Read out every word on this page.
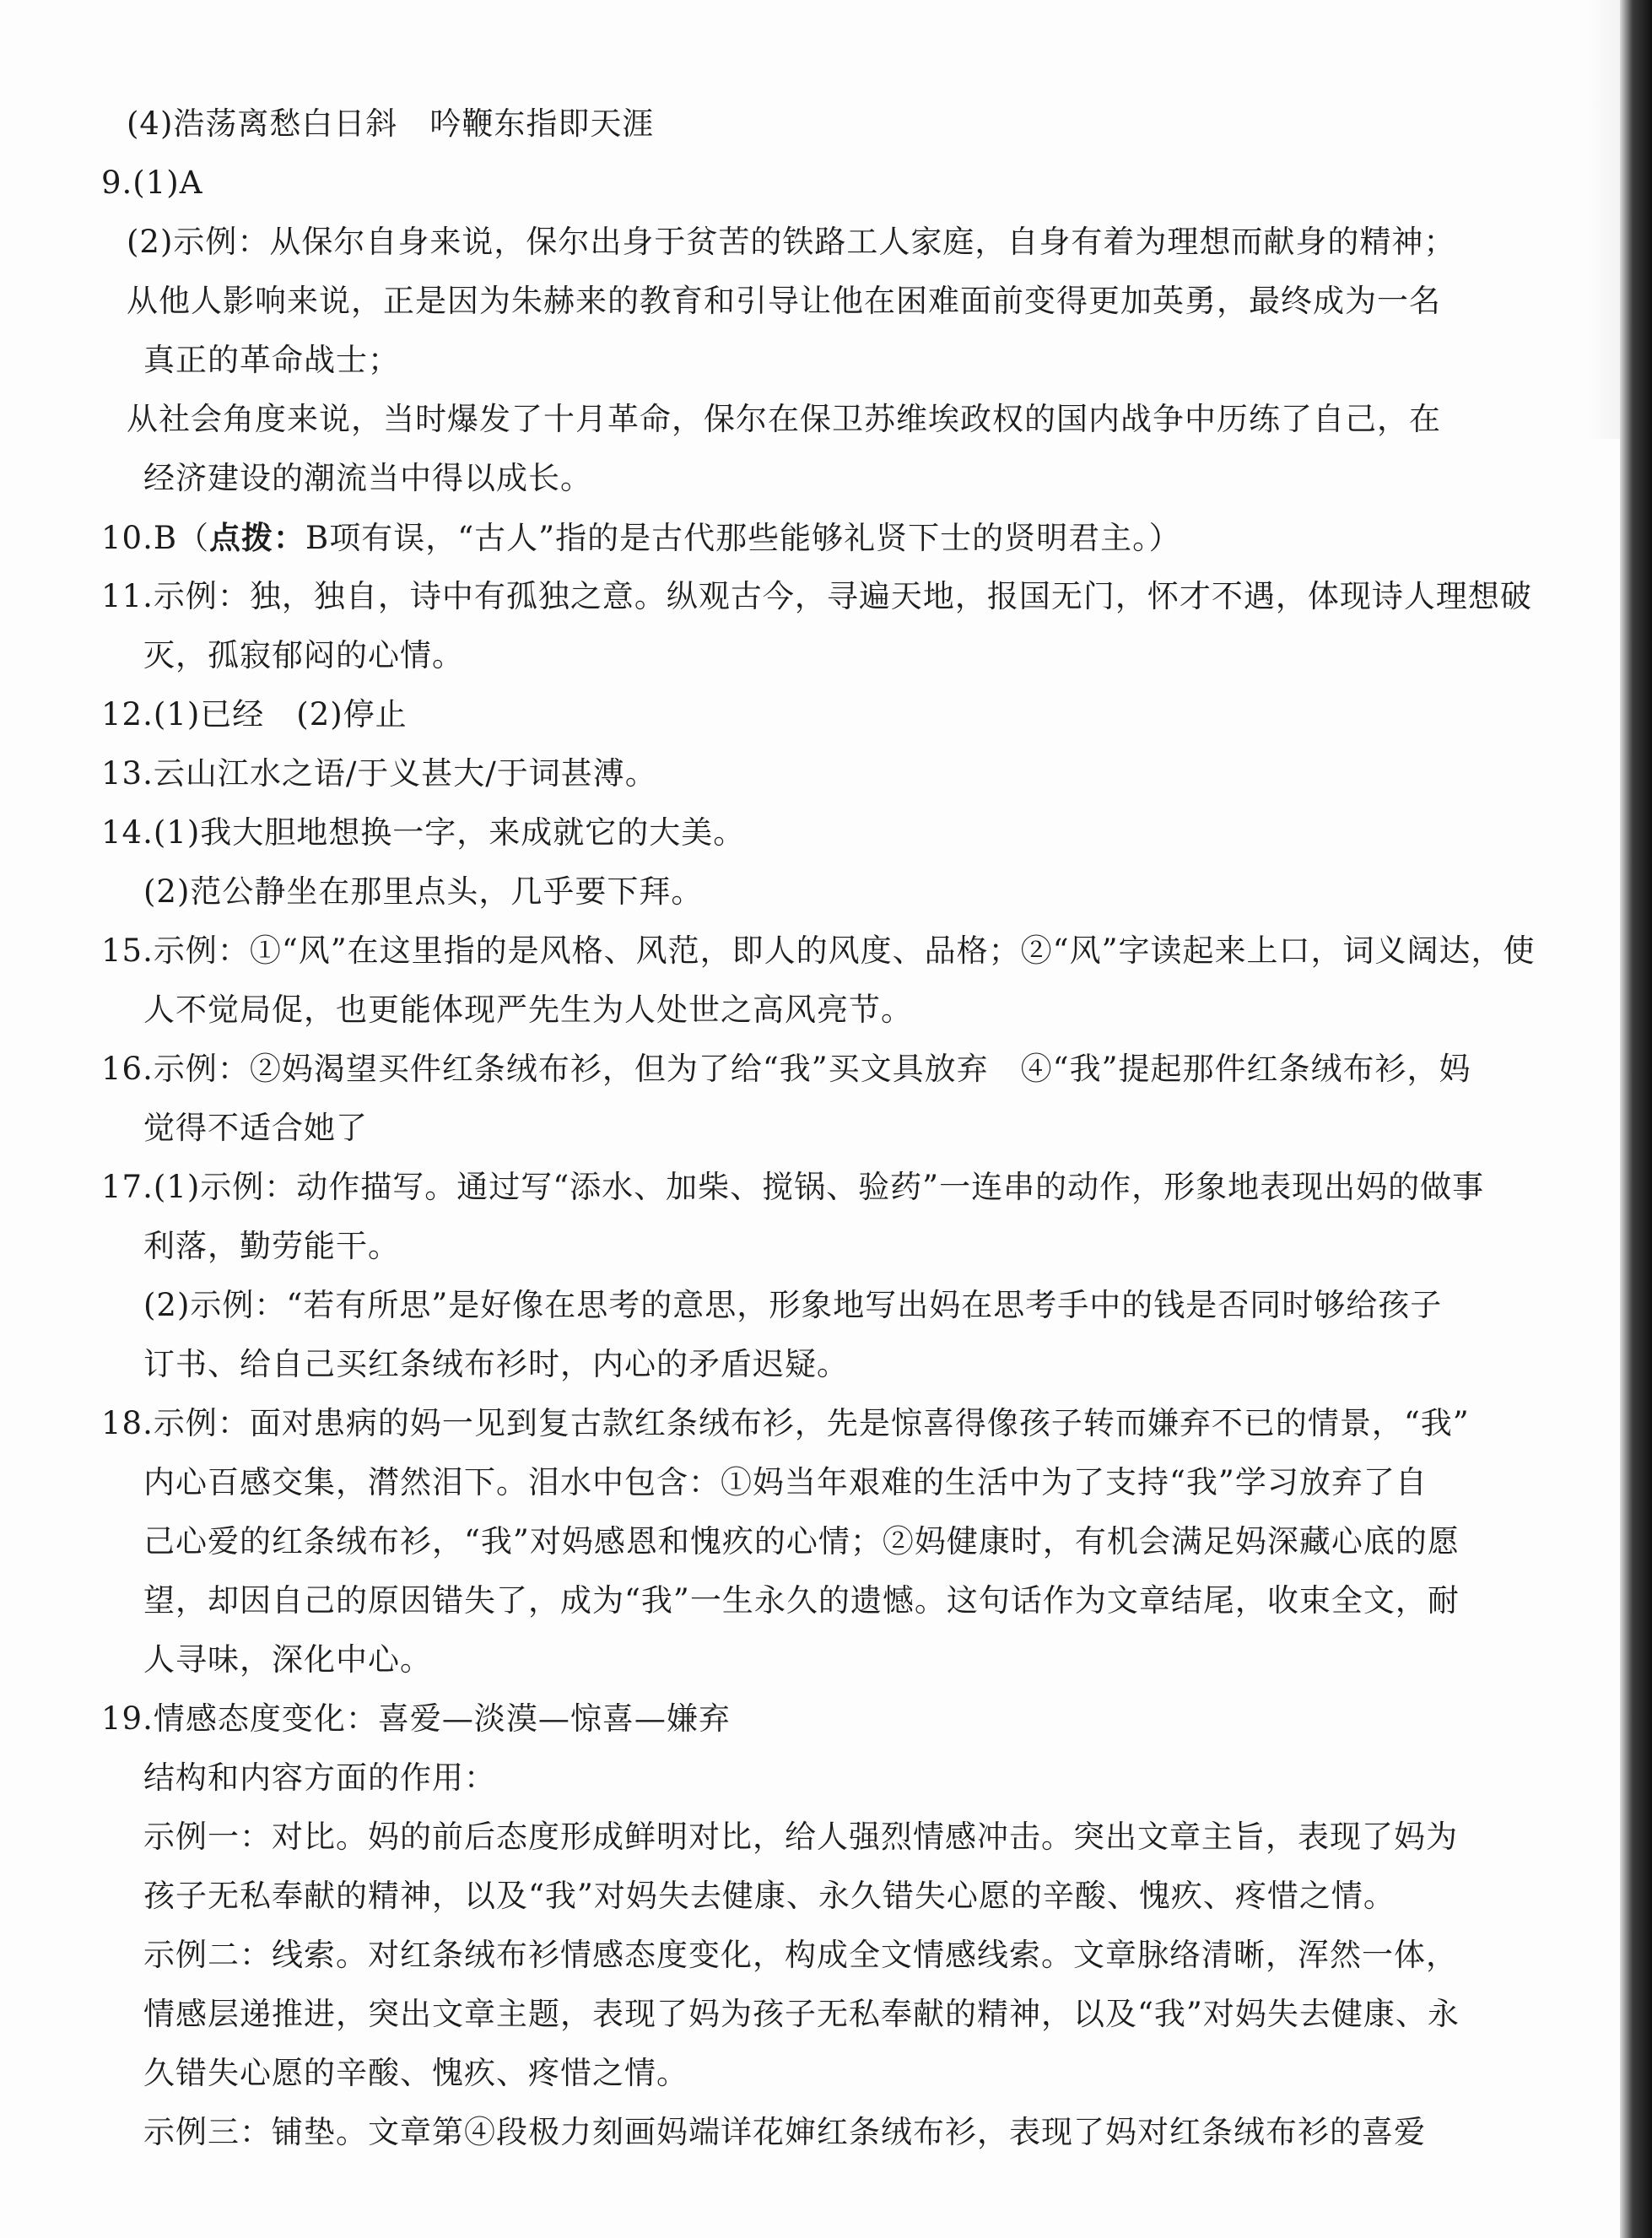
(4)浩荡离愁白日斜　吟鞭东指即天涯
9.(1)A
(2)示例：从保尔自身来说，保尔出身于贫苦的铁路工人家庭，自身有着为理想而献身的精神；
从他人影响来说，正是因为朱赫来的教育和引导让他在困难面前变得更加英勇，最终成为一名
真正的革命战士；
从社会角度来说，当时爆发了十月革命，保尔在保卫苏维埃政权的国内战争中历练了自己，在
经济建设的潮流当中得以成长。
10.B（点拨：B项有误，“古人”指的是古代那些能够礼贤下士的贤明君主。）
11.示例：独，独自，诗中有孤独之意。纵观古今，寻遍天地，报国无门，怀才不遇，体现诗人理想破
灭，孤寂郁闷的心情。
12.(1)已经　(2)停止
13.云山江水之语/于义甚大/于词甚溥。
14.(1)我大胆地想换一字，来成就它的大美。
(2)范公静坐在那里点头，几乎要下拜。
15.示例：①“风”在这里指的是风格、风范，即人的风度、品格；②“风”字读起来上口，词义阔达，使
人不觉局促，也更能体现严先生为人处世之高风亮节。
16.示例：②妈渴望买件红条绒布衫，但为了给“我”买文具放弃　④“我”提起那件红条绒布衫，妈
觉得不适合她了
17.(1)示例：动作描写。通过写“添水、加柴、搅锅、验药”一连串的动作，形象地表现出妈的做事
利落，勤劳能干。
(2)示例：“若有所思”是好像在思考的意思，形象地写出妈在思考手中的钱是否同时够给孩子
订书、给自己买红条绒布衫时，内心的矛盾迟疑。
18.示例：面对患病的妈一见到复古款红条绒布衫，先是惊喜得像孩子转而嫌弃不已的情景，“我”
内心百感交集，潸然泪下。泪水中包含：①妈当年艰难的生活中为了支持“我”学习放弃了自
己心爱的红条绒布衫，“我”对妈感恩和愧疚的心情；②妈健康时，有机会满足妈深藏心底的愿
望，却因自己的原因错失了，成为“我”一生永久的遗憾。这句话作为文章结尾，收束全文，耐
人寻味，深化中心。
19.情感态度变化：喜爱—淡漠—惊喜—嫌弃
结构和内容方面的作用：
示例一：对比。妈的前后态度形成鲜明对比，给人强烈情感冲击。突出文章主旨，表现了妈为
孩子无私奉献的精神，以及“我”对妈失去健康、永久错失心愿的辛酸、愧疚、疼惜之情。
示例二：线索。对红条绒布衫情感态度变化，构成全文情感线索。文章脉络清晰，浑然一体，
情感层递推进，突出文章主题，表现了妈为孩子无私奉献的精神，以及“我”对妈失去健康、永
久错失心愿的辛酸、愧疚、疼惜之情。
示例三：铺垫。文章第④段极力刻画妈端详花婶红条绒布衫，表现了妈对红条绒布衫的喜爱
